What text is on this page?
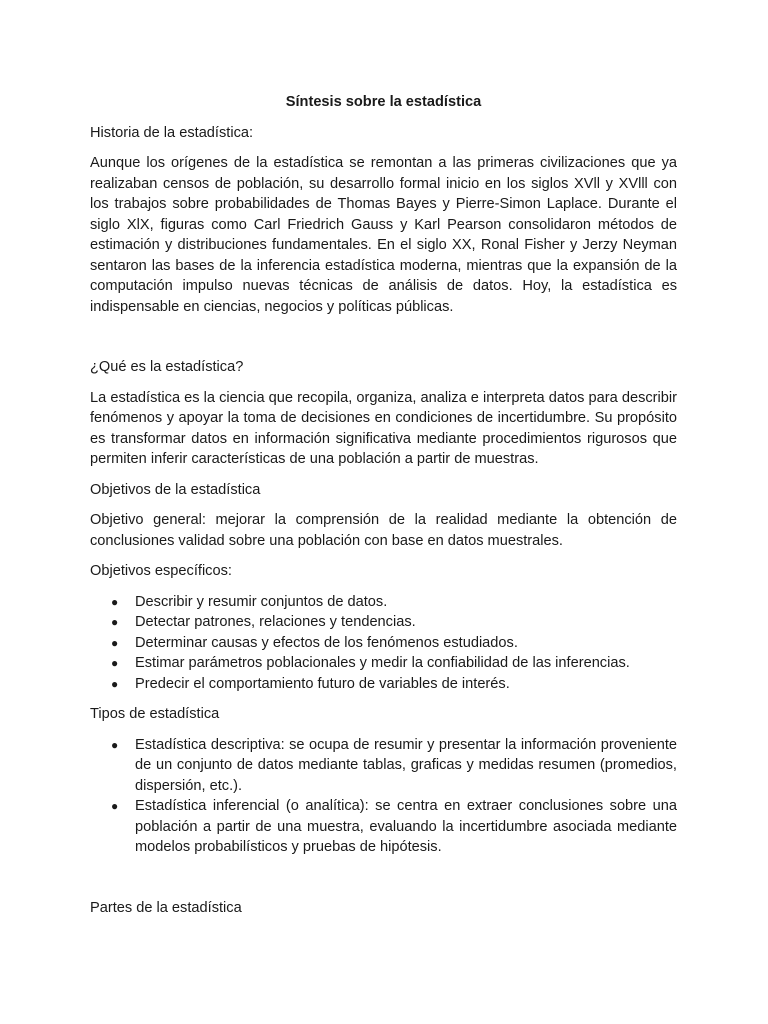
Síntesis sobre la estadística

Historia de la estadística:

Aunque los orígenes de la estadística se remontan a las primeras civilizaciones que ya realizaban censos de población, su desarrollo formal inicio en los siglos XVll y XVlll con los trabajos sobre probabilidades de Thomas Bayes y Pierre-Simon Laplace. Durante el siglo XlX, figuras como Carl Friedrich Gauss y Karl Pearson consolidaron métodos de estimación y distribuciones fundamentales. En el siglo XX, Ronal Fisher y Jerzy Neyman sentaron las bases de la inferencia estadística moderna, mientras que la expansión de la computación impulso nuevas técnicas de análisis de datos. Hoy, la estadística es indispensable en ciencias, negocios y políticas públicas.

¿Qué es la estadística?

La estadística es la ciencia que recopila, organiza, analiza e interpreta datos para describir fenómenos y apoyar la toma de decisiones en condiciones de incertidumbre. Su propósito es transformar datos en información significativa mediante procedimientos rigurosos que permiten inferir características de una población a partir de muestras.

Objetivos de la estadística

Objetivo general: mejorar la comprensión de la realidad mediante la obtención de conclusiones validad sobre una población con base en datos muestrales.

Objetivos específicos:

● Describir y resumir conjuntos de datos.
● Detectar patrones, relaciones y tendencias.
● Determinar causas y efectos de los fenómenos estudiados.
● Estimar parámetros poblacionales y medir la confiabilidad de las inferencias.
● Predecir el comportamiento futuro de variables de interés.

Tipos de estadística

● Estadística descriptiva: se ocupa de resumir y presentar la información proveniente de un conjunto de datos mediante tablas, graficas y medidas resumen (promedios, dispersión, etc.).
● Estadística inferencial (o analítica): se centra en extraer conclusiones sobre una población a partir de una muestra, evaluando la incertidumbre asociada mediante modelos probabilísticos y pruebas de hipótesis.

Partes de la estadística
